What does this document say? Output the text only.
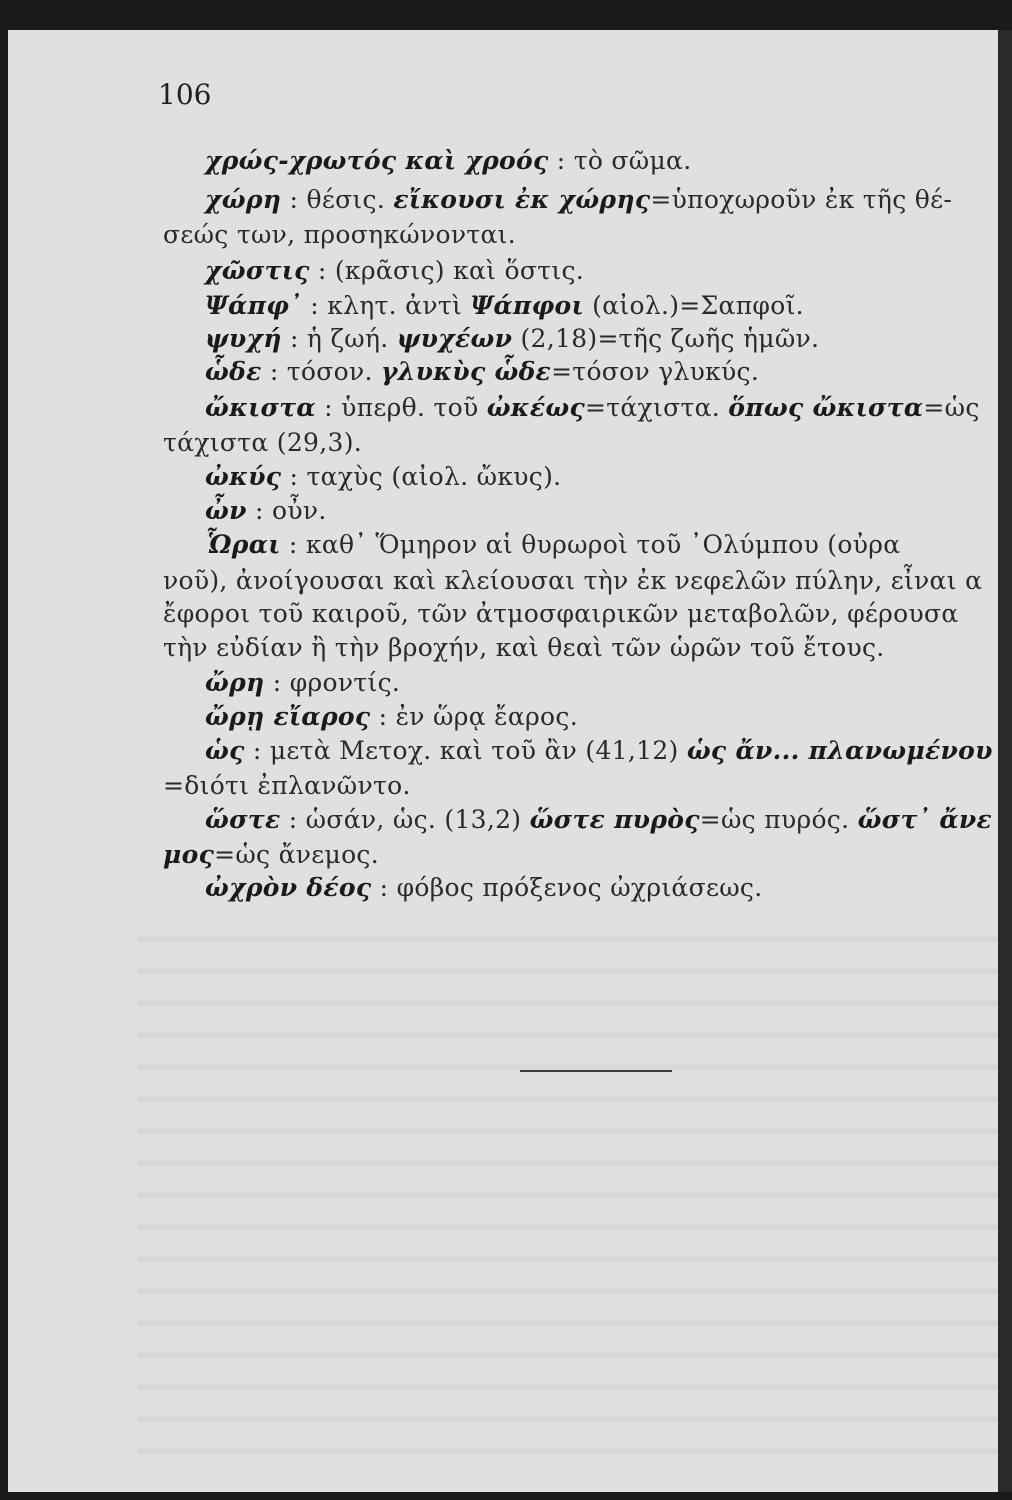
106
χρώς-χρωτός καὶ χροός : τὸ σῶμα.
χώρη : θέσις. εἴκουσι ἐκ χώρης=ὑποχωροῦν ἐκ τῆς θέ-
σεώς των, προσηκώνονται.
χῶστις : (κρᾶσις) καὶ ὅστις.
Ψάπφ᾽ : κλητ. ἀντὶ Ψάπφοι (αἰολ.)=Σαπφοῖ.
ψυχή : ἡ ζωή. ψυχέων (2,18)=τῆς ζωῆς ἡμῶν.
ὧδε : τόσον. γλυκὺς ὧδε=τόσον γλυκύς.
ὤκιστα : ὑπερθ. τοῦ ὠκέως=τάχιστα. ὅπως ὤκιστα=ὡς
τάχιστα (29,3).
ὠκύς : ταχὺς (αἰολ. ὤκυς).
ὦν : οὖν.
Ὧραι : καθ᾽ Ὅμηρον αἱ θυρωροὶ τοῦ ᾽Ολύμπου (οὐρα
νοῦ), ἀνοίγουσαι καὶ κλείουσαι τὴν ἐκ νεφελῶν πύλην, εἶναι α
ἔφοροι τοῦ καιροῦ, τῶν ἀτμοσφαιρικῶν μεταβολῶν, φέρουσα
τὴν εὐδίαν ἢ τὴν βροχήν, καὶ θεαὶ τῶν ὡρῶν τοῦ ἔτους.
ὤρη : φροντίς.
ὤρῃ εἴαρος : ἐν ὥρᾳ ἔαρος.
ὡς : μετὰ Μετοχ. καὶ τοῦ ἂν (41,12) ὡς ἄν... πλανωμένου
=διότι ἐπλανῶντο.
ὥστε : ὡσάν, ὡς. (13,2) ὥστε πυρὸς=ὡς πυρός. ὥστ᾽ ἄνε
μος=ὡς ἄνεμος.
ὠχρὸν δέος : φόβος πρόξενος ὠχριάσεως.
